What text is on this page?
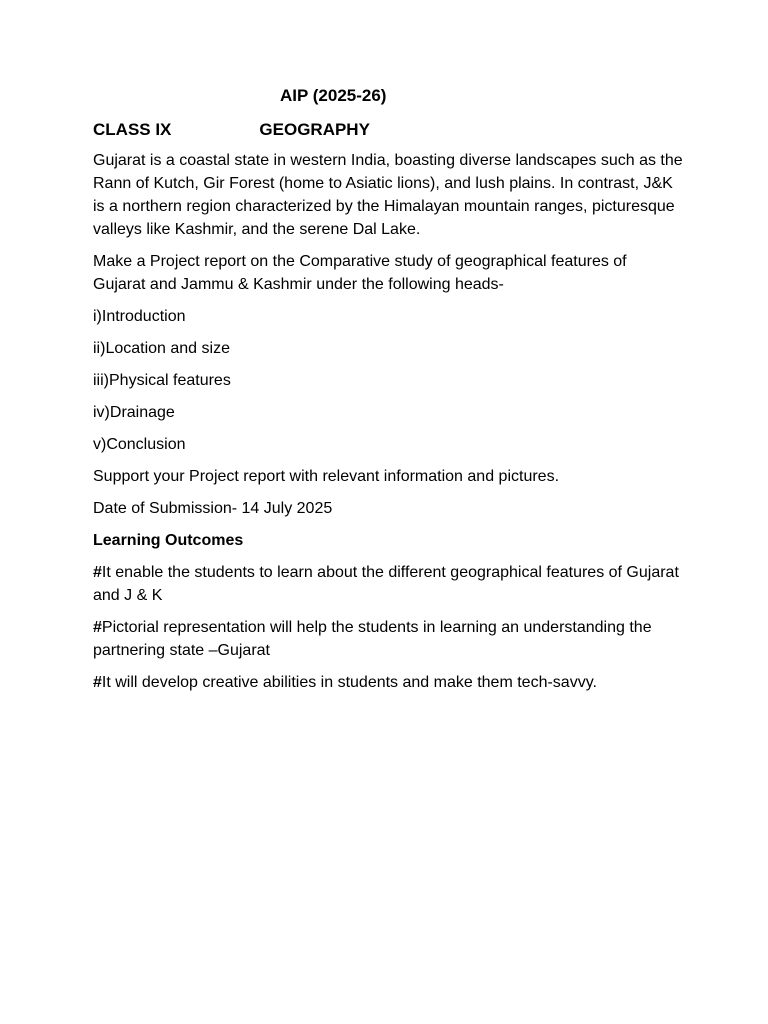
AIP (2025-26)
CLASS IX	GEOGRAPHY

Gujarat is a coastal state in western India, boasting diverse landscapes such as the Rann of Kutch, Gir Forest (home to Asiatic lions), and lush plains. In contrast, J&K is a northern region characterized by the Himalayan mountain ranges, picturesque valleys like Kashmir, and the serene Dal Lake.

Make a Project report on the Comparative study of geographical features of Gujarat and Jammu & Kashmir under the following heads-

i)Introduction
ii)Location and size
iii)Physical features
iv)Drainage
v)Conclusion

Support your Project report with relevant information and pictures.

Date of Submission- 14 July 2025

Learning Outcomes

#It enable the students to learn about the different geographical features of Gujarat and J & K

#Pictorial representation will help the students in learning an understanding the partnering state –Gujarat

#It will develop creative abilities in students and make them tech-savvy.
